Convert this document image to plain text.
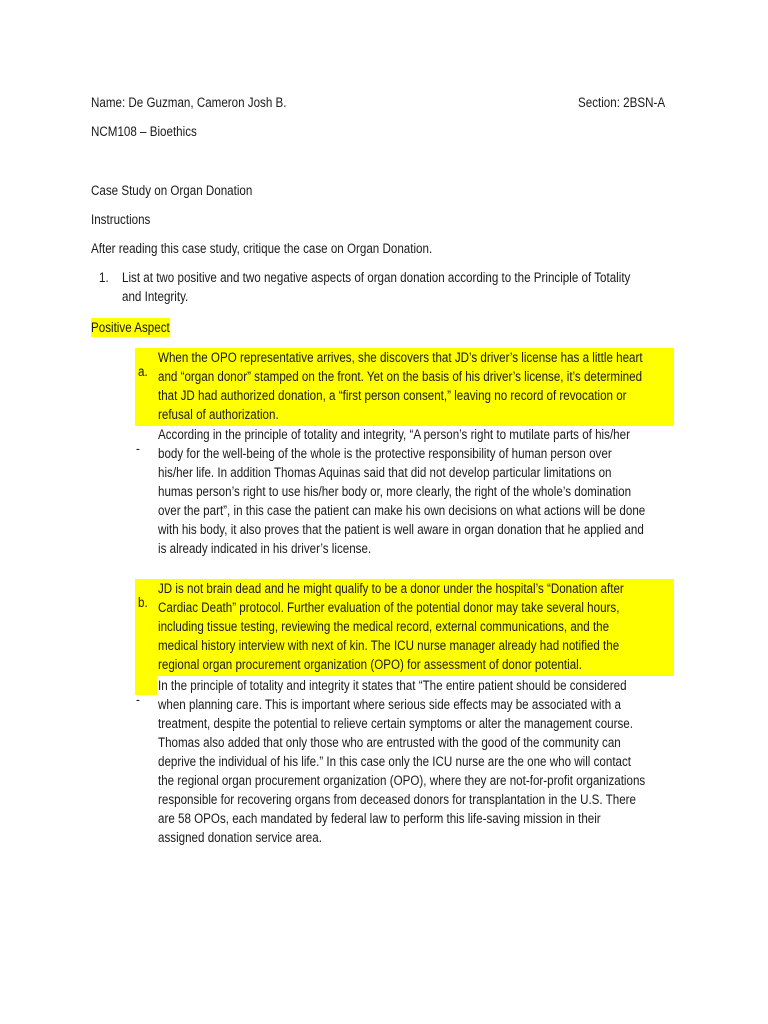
Name: De Guzman, Cameron Josh B.	Section: 2BSN-A

NCM108 – Bioethics

Case Study on Organ Donation

Instructions

After reading this case study, critique the case on Organ Donation.

1. List at two positive and two negative aspects of organ donation according to the Principle of Totality

and Integrity.

Positive Aspect

a.

When the OPO representative arrives, she discovers that JD’s driver’s license has a little heart

and “organ donor” stamped on the front. Yet on the basis of his driver’s license, it’s determined

that JD had authorized donation, a “first person consent,” leaving no record of revocation or

refusal of authorization.

-

According in the principle of totality and integrity, “A person’s right to mutilate parts of his/her

body for the well-being of the whole is the protective responsibility of human person over

his/her life. In addition Thomas Aquinas said that did not develop particular limitations on

humas person’s right to use his/her body or, more clearly, the right of the whole’s domination

over the part”, in this case the patient can make his own decisions on what actions will be done

with his body, it also proves that the patient is well aware in organ donation that he applied and

is already indicated in his driver’s license.

b.

JD is not brain dead and he might qualify to be a donor under the hospital’s “Donation after

Cardiac Death” protocol. Further evaluation of the potential donor may take several hours,

including tissue testing, reviewing the medical record, external communications, and the

medical history interview with next of kin. The ICU nurse manager already had notified the

regional organ procurement organization (OPO) for assessment of donor potential.

-

In the principle of totality and integrity it states that “The entire patient should be considered

when planning care. This is important where serious side effects may be associated with a

treatment, despite the potential to relieve certain symptoms or alter the management course.

Thomas also added that only those who are entrusted with the good of the community can

deprive the individual of his life.” In this case only the ICU nurse are the one who will contact

the regional organ procurement organization (OPO), where they are not-for-profit organizations

responsible for recovering organs from deceased donors for transplantation in the U.S. There

are 58 OPOs, each mandated by federal law to perform this life-saving mission in their

assigned donation service area.
